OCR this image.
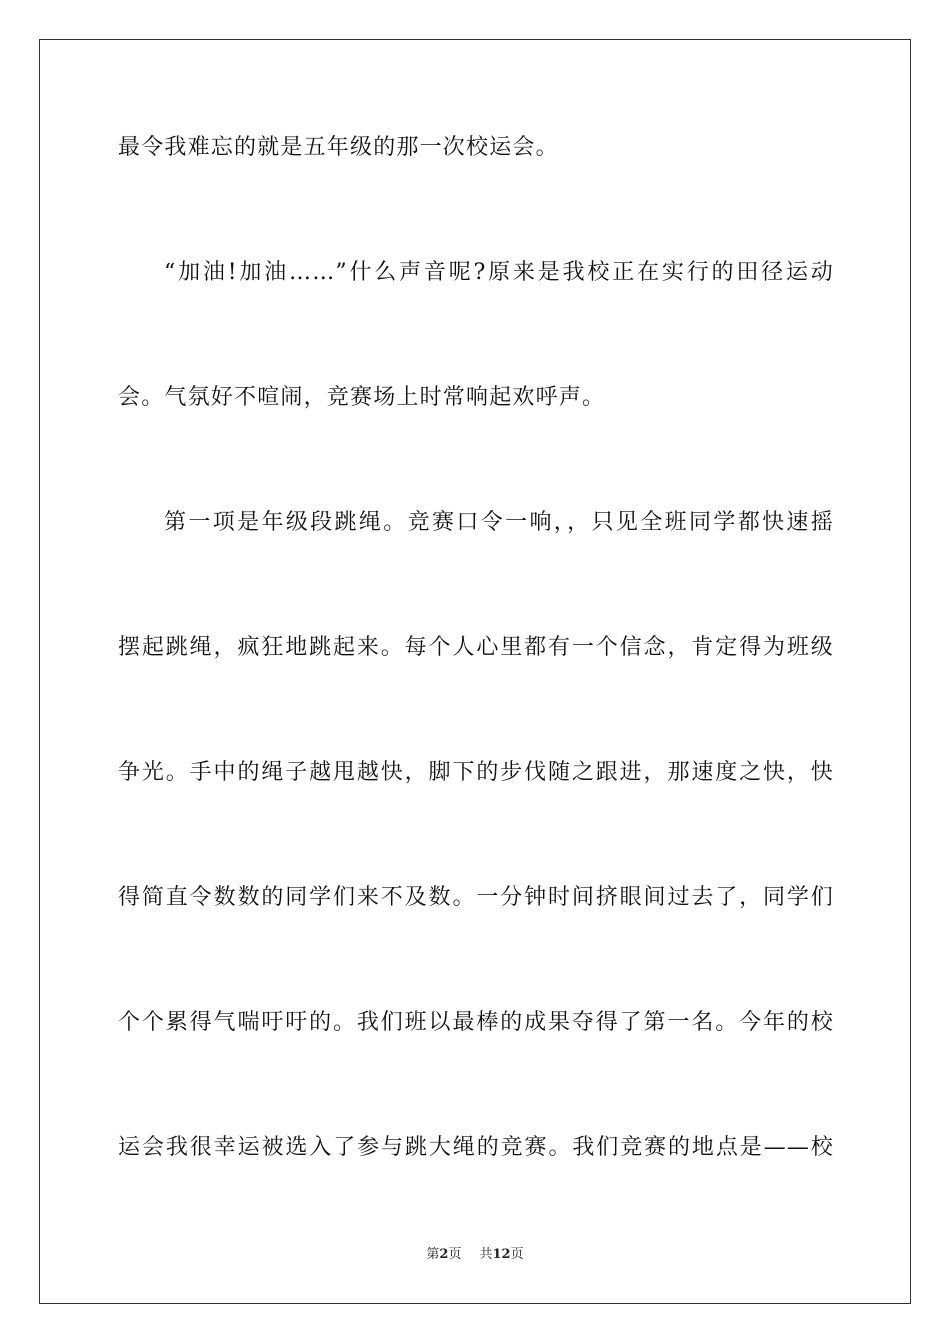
最令我难忘的就是五年级的那一次校运会。
“加油!加油……”什么声音呢?原来是我校正在实行的田径运动
会。气氛好不喧闹，竞赛场上时常响起欢呼声。
第一项是年级段跳绳。竞赛口令一响，，只见全班同学都快速摇
摆起跳绳，疯狂地跳起来。每个人心里都有一个信念，肯定得为班级
争光。手中的绳子越甩越快，脚下的步伐随之跟进，那速度之快，快
得简直令数数的同学们来不及数。一分钟时间挤眼间过去了，同学们
个个累得气喘吁吁的。我们班以最棒的成果夺得了第一名。今年的校
运会我很幸运被选入了参与跳大绳的竞赛。我们竞赛的地点是——校
第2页 共12页
